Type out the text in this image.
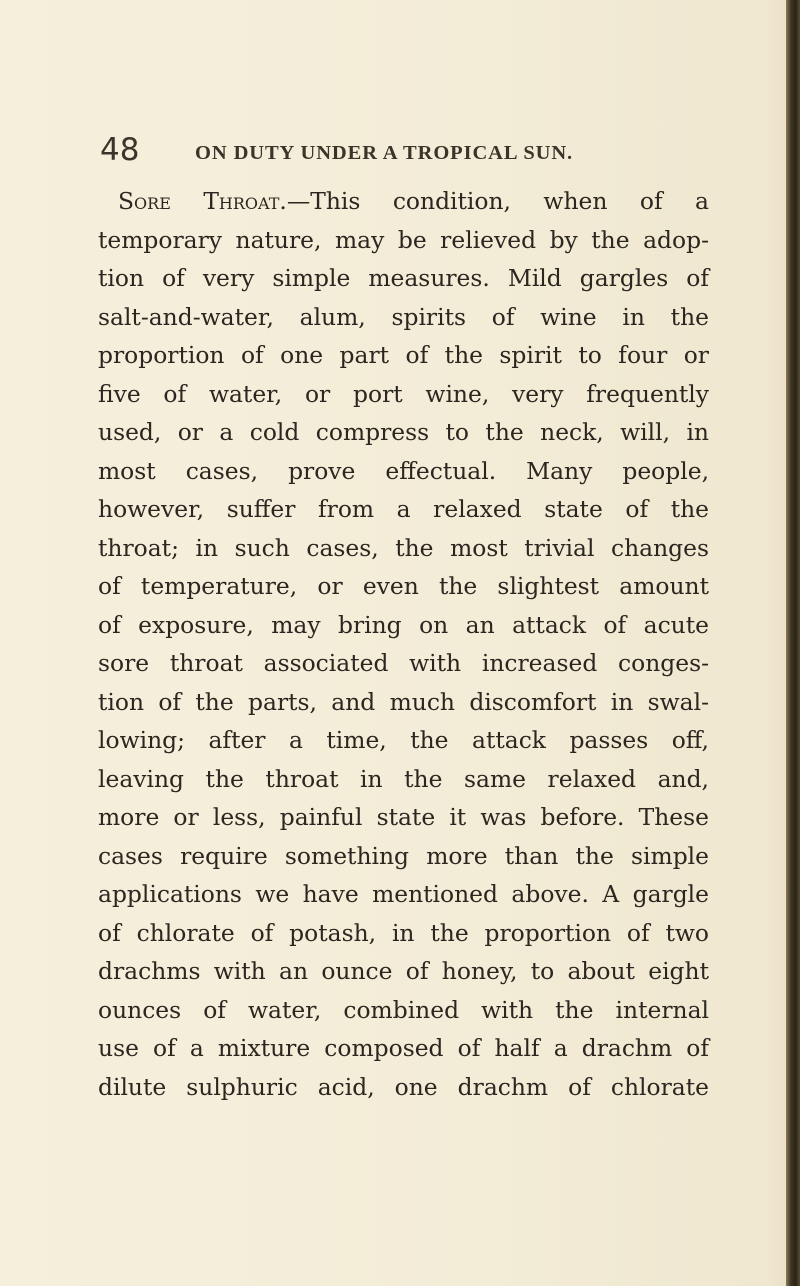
48	ON DUTY UNDER A TROPICAL SUN.
Sore Throat.—This condition, when of a
temporary nature, may be relieved by the adop-
tion of very simple measures. Mild gargles of
salt-and-water, alum, spirits of wine in the
proportion of one part of the spirit to four or
five of water, or port wine, very frequently
used, or a cold compress to the neck, will, in
most cases, prove effectual. Many people,
however, suffer from a relaxed state of the
throat; in such cases, the most trivial changes
of temperature, or even the slightest amount
of exposure, may bring on an attack of acute
sore throat associated with increased conges-
tion of the parts, and much discomfort in swal-
lowing; after a time, the attack passes off,
leaving the throat in the same relaxed and,
more or less, painful state it was before. These
cases require something more than the simple
applications we have mentioned above. A gargle
of chlorate of potash, in the proportion of two
drachms with an ounce of honey, to about eight
ounces of water, combined with the internal
use of a mixture composed of half a drachm of
dilute sulphuric acid, one drachm of chlorate
